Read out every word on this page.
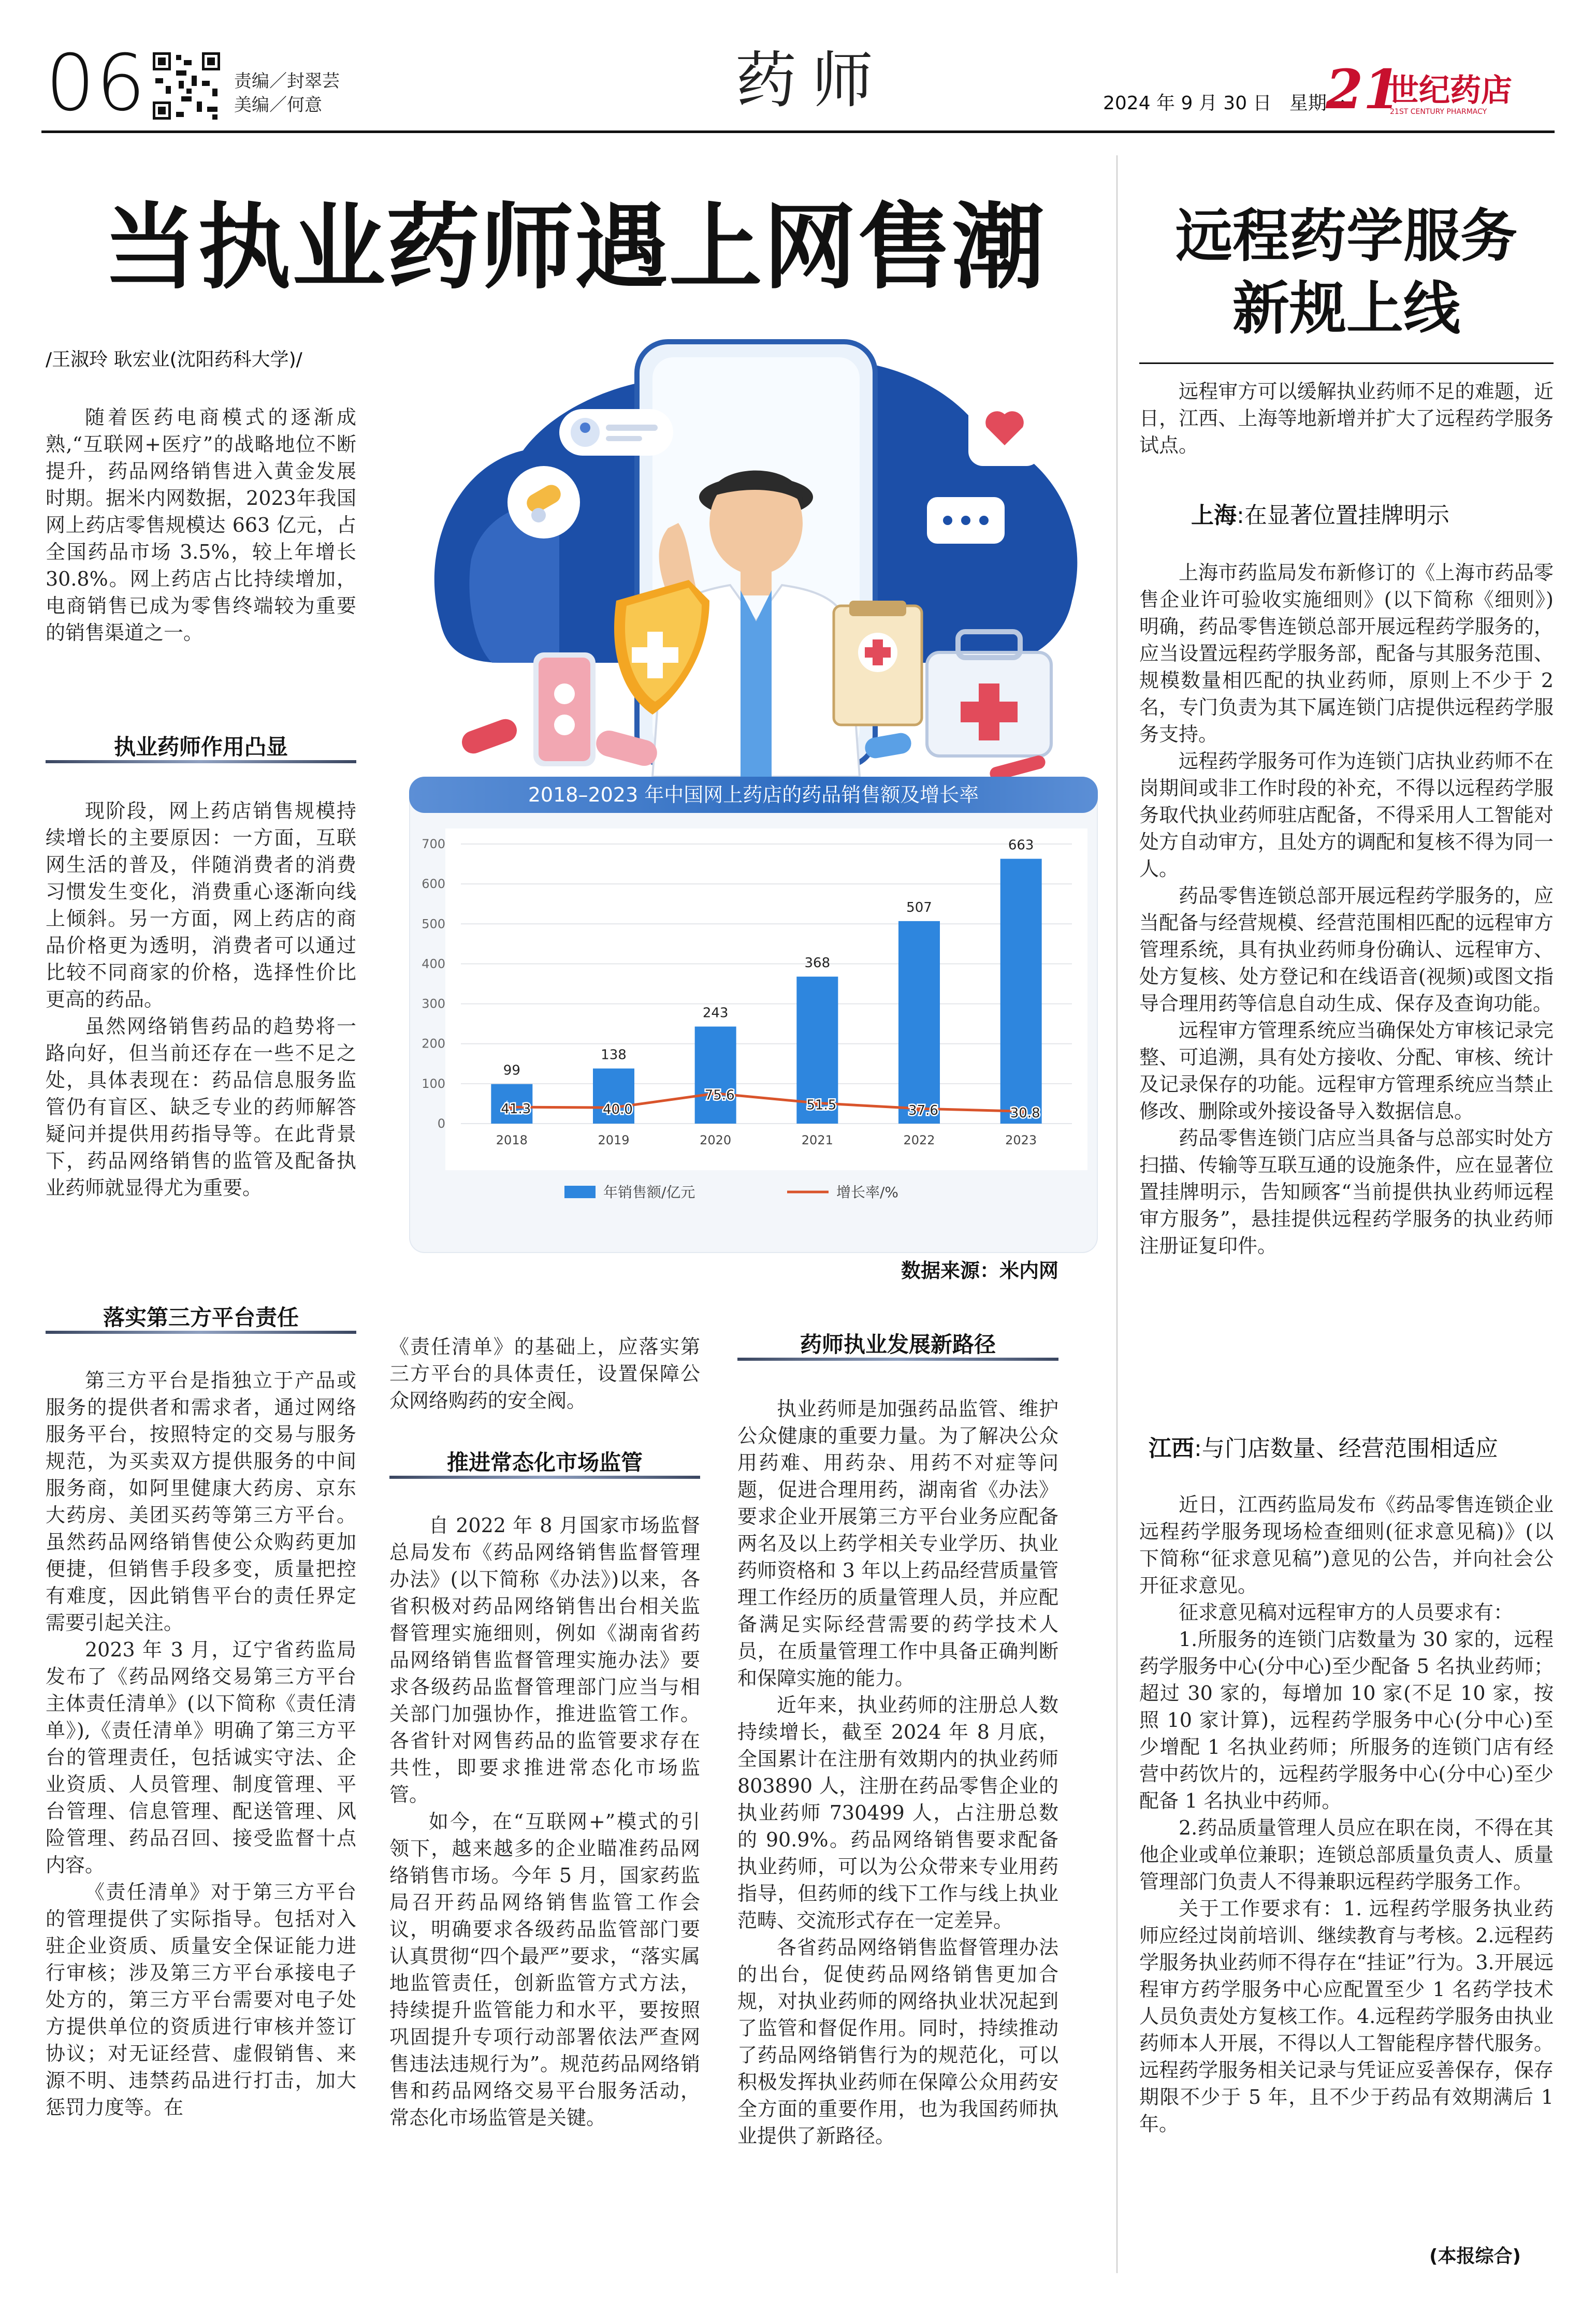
06	责编／封翠芸
美编／何意	药师	2024 年 9 月 30 日   星期一
21
世纪药店
21ST CENTURY PHARMACY
当执业药师遇上网售潮
/王淑玲 耿宏业(沈阳药科大学)/

随着医药电商模式的逐渐成熟,“互联网+医疗”的战略地位不断提升，药品网络销售进入黄金发展时期。据米内网数据，2023年我国网上药店零售规模达 663 亿元，占全国药品市场 3.5%，较上年增长 30.8%。网上药店占比持续增加，电商销售已成为零售终端较为重要的销售渠道之一。

执业药师作用凸显

现阶段，网上药店销售规模持续增长的主要原因：一方面，互联网生活的普及，伴随消费者的消费习惯发生变化，消费重心逐渐向线上倾斜。另一方面，网上药店的商品价格更为透明，消费者可以通过比较不同商家的价格，选择性价比更高的药品。

虽然网络销售药品的趋势将一路向好，但当前还存在一些不足之处，具体表现在：药品信息服务监管仍有盲区、缺乏专业的药师解答疑问并提供用药指导等。在此背景下，药品网络销售的监管及配备执业药师就显得尤为重要。

落实第三方平台责任

第三方平台是指独立于产品或服务的提供者和需求者，通过网络服务平台，按照特定的交易与服务规范，为买卖双方提供服务的中间服务商，如阿里健康大药房、京东大药房、美团买药等第三方平台。虽然药品网络销售使公众购药更加便捷，但销售手段多变，质量把控有难度，因此销售平台的责任界定需要引起关注。

2023 年 3 月，辽宁省药监局发布了《药品网络交易第三方平台主体责任清单》(以下简称《责任清单》),《责任清单》明确了第三方平台的管理责任，包括诚实守法、企业资质、人员管理、制度管理、平台管理、信息管理、配送管理、风险管理、药品召回、接受监督十点内容。

《责任清单》对于第三方平台的管理提供了实际指导。包括对入驻企业资质、质量安全保证能力进行审核；涉及第三方平台承接电子处方的，第三方平台需要对电子处方提供单位的资质进行审核并签订协议；对无证经营、虚假销售、来源不明、违禁药品进行打击，加大惩罚力度等。在

2018–2023 年中国网上药店的药品销售额及增长率
0
100
200
300
400
500
600
700
99
2018
138
2019
243
2020
368
2021
507
2022
663
2023
41.3	40.0
75.6
51.5	37.6	30.8
年销售额/亿元	增长率/%
数据来源：米内网

《责任清单》的基础上，应落实第三方平台的具体责任，设置保障公众网络购药的安全阀。

推进常态化市场监管

自 2022 年 8 月国家市场监督总局发布《药品网络销售监督管理办法》(以下简称《办法》)以来，各省积极对药品网络销售出台相关监督管理实施细则，例如《湖南省药品网络销售监督管理实施办法》要求各级药品监督管理部门应当与相关部门加强协作，推进监管工作。各省针对网售药品的监管要求存在共性，即要求推进常态化市场监管。

如今，在“互联网+”模式的引领下，越来越多的企业瞄准药品网络销售市场。今年 5 月，国家药监局召开药品网络销售监管工作会议，明确要求各级药品监管部门要认真贯彻“四个最严”要求，“落实属地监管责任，创新监管方式方法，持续提升监管能力和水平，要按照巩固提升专项行动部署依法严查网售违法违规行为”。规范药品网络销售和药品网络交易平台服务活动，常态化市场监管是关键。

药师执业发展新路径

执业药师是加强药品监管、维护公众健康的重要力量。为了解决公众用药难、用药杂、用药不对症等问题，促进合理用药，湖南省《办法》要求企业开展第三方平台业务应配备两名及以上药学相关专业学历、执业药师资格和 3 年以上药品经营质量管理工作经历的质量管理人员，并应配备满足实际经营需要的药学技术人员，在质量管理工作中具备正确判断和保障实施的能力。

近年来，执业药师的注册总人数持续增长，截至 2024 年 8 月底，全国累计在注册有效期内的执业药师 803890 人，注册在药品零售企业的执业药师 730499 人，占注册总数的 90.9%。药品网络销售要求配备执业药师，可以为公众带来专业用药指导，但药师的线下工作与线上执业范畴、交流形式存在一定差异。

各省药品网络销售监督管理办法的出台，促使药品网络销售更加合规，对执业药师的网络执业状况起到了监管和督促作用。同时，持续推动了药品网络销售行为的规范化，可以积极发挥执业药师在保障公众用药安全方面的重要作用，也为我国药师执业提供了新路径。

远程药学服务
新规上线

远程审方可以缓解执业药师不足的难题，近日，江西、上海等地新增并扩大了远程药学服务试点。

上海:在显著位置挂牌明示

上海市药监局发布新修订的《上海市药品零售企业许可验收实施细则》(以下简称《细则》)明确，药品零售连锁总部开展远程药学服务的，应当设置远程药学服务部，配备与其服务范围、规模数量相匹配的执业药师，原则上不少于 2 名，专门负责为其下属连锁门店提供远程药学服务支持。

远程药学服务可作为连锁门店执业药师不在岗期间或非工作时段的补充，不得以远程药学服务取代执业药师驻店配备，不得采用人工智能对处方自动审方，且处方的调配和复核不得为同一人。

药品零售连锁总部开展远程药学服务的，应当配备与经营规模、经营范围相匹配的远程审方管理系统，具有执业药师身份确认、远程审方、处方复核、处方登记和在线语音(视频)或图文指导合理用药等信息自动生成、保存及查询功能。

远程审方管理系统应当确保处方审核记录完整、可追溯，具有处方接收、分配、审核、统计及记录保存的功能。远程审方管理系统应当禁止修改、删除或外接设备导入数据信息。

药品零售连锁门店应当具备与总部实时处方扫描、传输等互联互通的设施条件，应在显著位置挂牌明示，告知顾客“当前提供执业药师远程审方服务”，悬挂提供远程药学服务的执业药师注册证复印件。

江西:与门店数量、经营范围相适应

近日，江西药监局发布《药品零售连锁企业远程药学服务现场检查细则(征求意见稿)》(以下简称“征求意见稿”)意见的公告，并向社会公开征求意见。

征求意见稿对远程审方的人员要求有：

1.所服务的连锁门店数量为 30 家的，远程药学服务中心(分中心)至少配备 5 名执业药师；超过 30 家的，每增加 10 家(不足 10 家，按照 10 家计算)，远程药学服务中心(分中心)至少增配 1 名执业药师；所服务的连锁门店有经营中药饮片的，远程药学服务中心(分中心)至少配备 1 名执业中药师。

2.药品质量管理人员应在职在岗，不得在其他企业或单位兼职；连锁总部质量负责人、质量管理部门负责人不得兼职远程药学服务工作。

关于工作要求有：1. 远程药学服务执业药师应经过岗前培训、继续教育与考核。2.远程药学服务执业药师不得存在“挂证”行为。3.开展远程审方药学服务中心应配置至少 1 名药学技术人员负责处方复核工作。4.远程药学服务由执业药师本人开展，不得以人工智能程序替代服务。远程药学服务相关记录与凭证应妥善保存，保存期限不少于 5 年，且不少于药品有效期满后 1 年。

(本报综合)
